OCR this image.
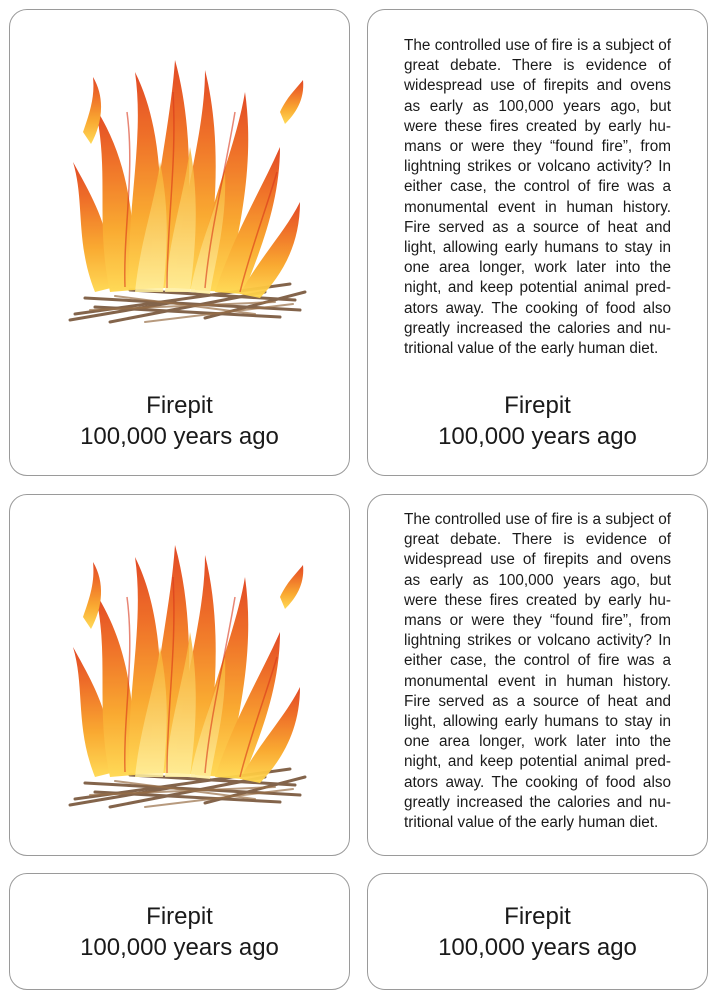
Firepit
100,000 years ago

The controlled use of fire is a subject of great debate. There is evidence of widespread use of firepits and ovens as early as 100,000 years ago, but were these fires created by early humans or were they “found fire”, from lightning strikes or volcano activity? In either case, the control of fire was a monumental event in human history. Fire served as a source of heat and light, allowing early humans to stay in one area longer, work later into the night, and keep potential animal predators away. The cooking of food also greatly increased the calories and nutritional value of the early human diet.

Firepit
100,000 years ago

The controlled use of fire is a subject of great debate. There is evidence of widespread use of firepits and ovens as early as 100,000 years ago, but were these fires created by early humans or were they “found fire”, from lightning strikes or volcano activity? In either case, the control of fire was a monumental event in human history. Fire served as a source of heat and light, allowing early humans to stay in one area longer, work later into the night, and keep potential animal predators away. The cooking of food also greatly increased the calories and nutritional value of the early human diet.

Firepit
100,000 years ago
Firepit
100,000 years ago
